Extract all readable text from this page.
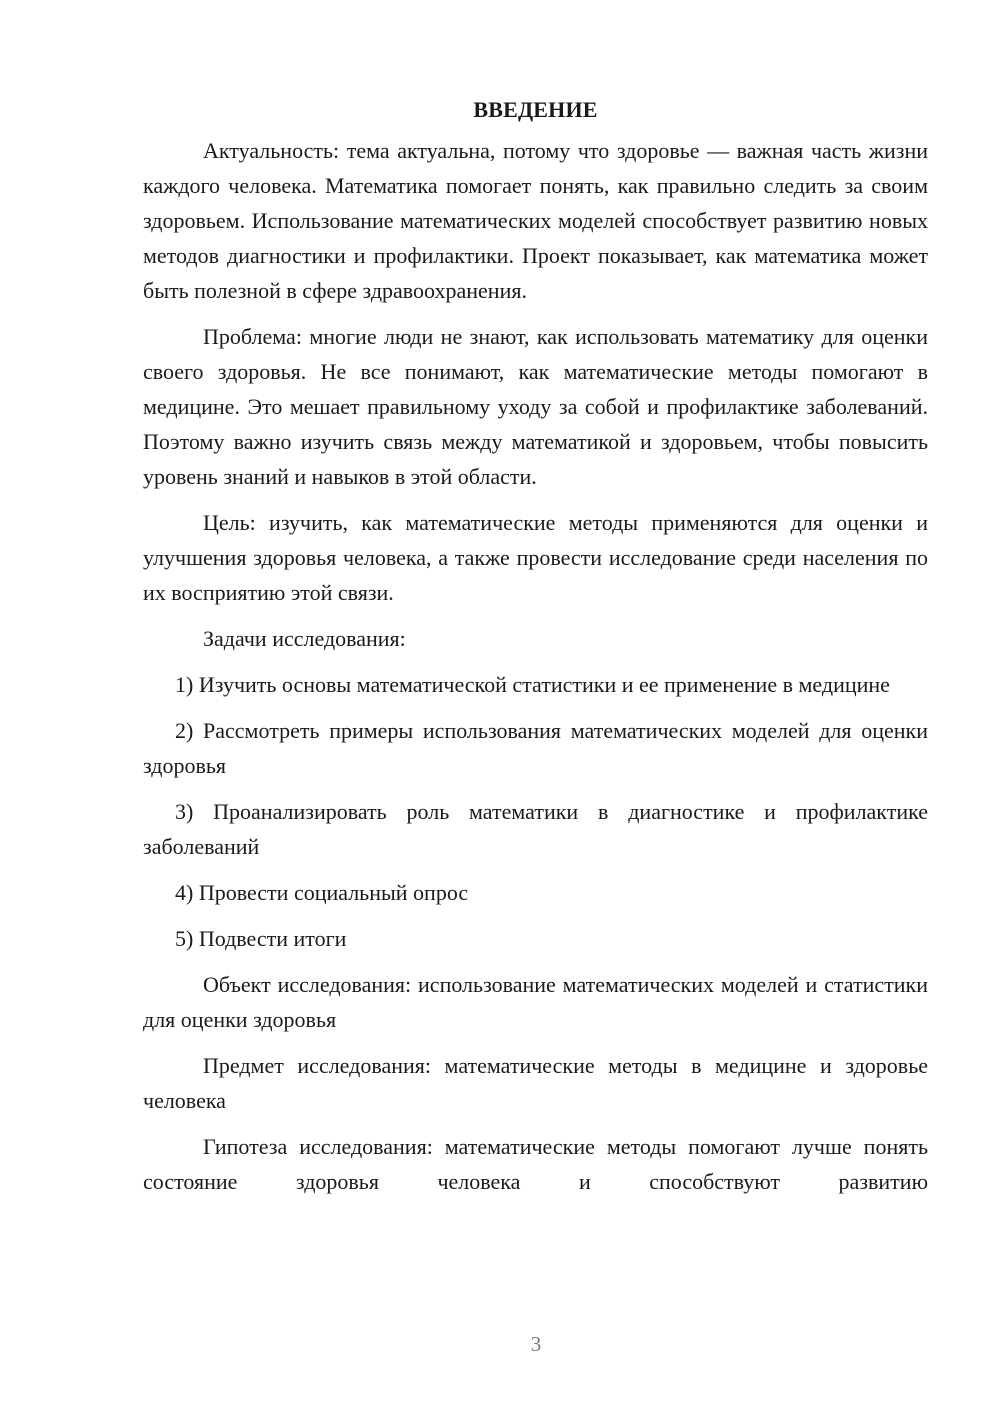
ВВЕДЕНИЕ

Актуальность: тема актуальна, потому что здоровье — важная часть жизни каждого человека. Математика помогает понять, как правильно следить за своим здоровьем. Использование математических моделей способствует развитию новых методов диагностики и профилактики. Проект показывает, как математика может быть полезной в сфере здравоохранения.

Проблема: многие люди не знают, как использовать математику для оценки своего здоровья. Не все понимают, как математические методы помогают в медицине. Это мешает правильному уходу за собой и профилактике заболеваний. Поэтому важно изучить связь между математикой и здоровьем, чтобы повысить уровень знаний и навыков в этой области.

Цель: изучить, как математические методы применяются для оценки и улучшения здоровья человека, а также провести исследование среди населения по их восприятию этой связи.

Задачи исследования:

1) Изучить основы математической статистики и ее применение в медицине

2) Рассмотреть примеры использования математических моделей для оценки здоровья

3) Проанализировать роль математики в диагностике и профилактике заболеваний

4) Провести социальный опрос

5) Подвести итоги

Объект исследования: использование математических моделей и статистики для оценки здоровья

Предмет исследования: математические методы в медицине и здоровье человека

Гипотеза исследования: математические методы помогают лучше понять состояние здоровья человека и способствуют развитию

3
